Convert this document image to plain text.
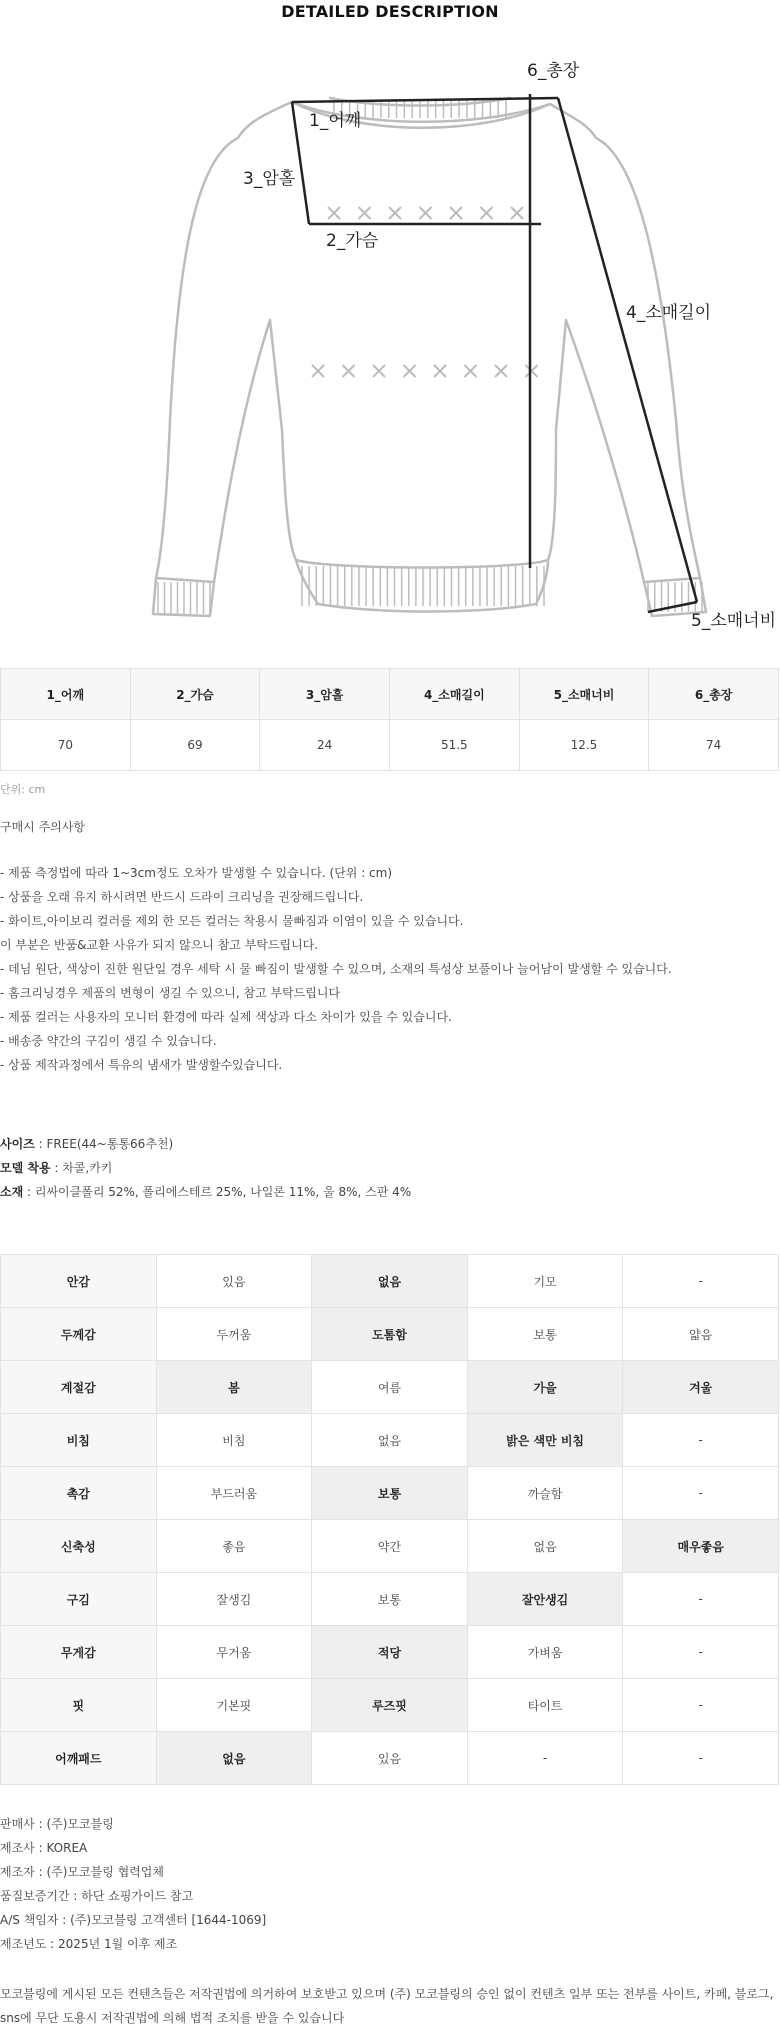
DETAILED DESCRIPTION
1_어깨
2_가슴
3_암홀
4_소매길이
5_소매너비
6_총장
1_어깨	2_가슴	3_암홀	4_소매길이	5_소매너비	6_총장
70	69	24	51.5	12.5	74
단위: cm
구매시 주의사항
- 제품 측정법에 따라 1~3cm정도 오차가 발생할 수 있습니다. (단위 : cm)
- 상품을 오래 유지 하시려면 반드시 드라이 크리닝을 권장해드립니다.
- 화이트,아이보리 컬러를 제외 한 모든 컬러는 착용시 물빠짐과 이염이 있을 수 있습니다.
이 부분은 반품&교환 사유가 되지 않으니 참고 부탁드립니다.
- 데님 원단, 색상이 진한 원단일 경우 세탁 시 물 빠짐이 발생할 수 있으며, 소재의 특성상 보풀이나 늘어남이 발생할 수 있습니다.
- 홈크리닝경우 제품의 변형이 생길 수 있으니, 참고 부탁드립니다
- 제품 컬러는 사용자의 모니터 환경에 따라 실제 색상과 다소 차이가 있을 수 있습니다.
- 배송중 약간의 구김이 생길 수 있습니다.
- 상품 제작과정에서 특유의 냄새가 발생할수있습니다.
사이즈 : FREE(44~통통66추천)
모델 착용 : 차콜,카키
소재 : 리싸이클폴리 52%, 폴리에스테르 25%, 나일론 11%, 울 8%, 스판 4%
안감	있음	없음	기모	-
두께감	두꺼움	도톰함	보통	얇음
계절감	봄	여름	가을	겨울
비침	비침	없음	밝은 색만 비침	-
촉감	부드러움	보통	까슬함	-
신축성	좋음	약간	없음	매우좋음
구김	잘생김	보통	잘안생김	-
무게감	무거움	적당	가벼움	-
핏	기본핏	루즈핏	타이트	-
어깨패드	없음	있음	-	-
판매사 : (주)모코블링
제조사 : KOREA
제조자 : (주)모코블링 협력업체
품질보증기간 : 하단 쇼핑가이드 참고
A/S 책임자 : (주)모코블링 고객센터 [1644-1069]
제조년도 : 2025년 1월 이후 제조
모코블링에 게시된 모든 컨텐츠들은 저작권법에 의거하여 보호받고 있으며 (주) 모코블링의 승인 없이 컨텐츠 일부 또는 전부를 사이트, 카페, 블로그, sns에 무단 도용시 저작권법에 의해 법적 조치를 받을 수 있습니다
